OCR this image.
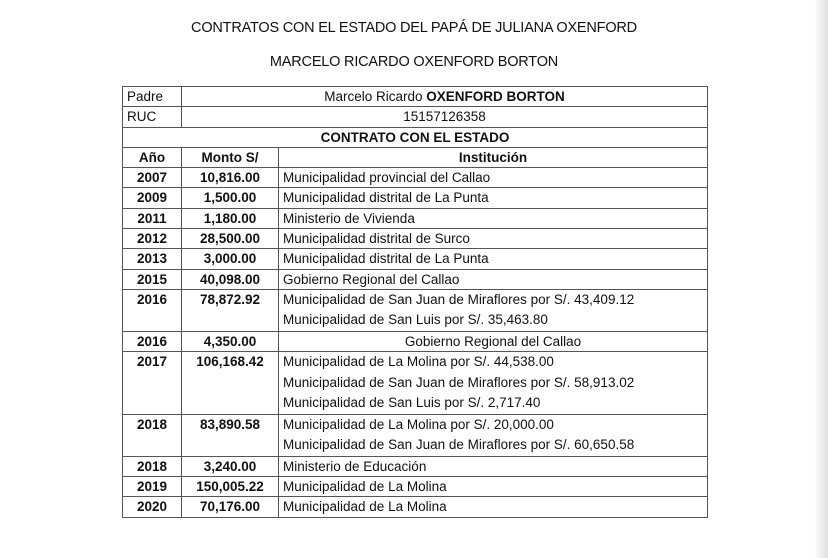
CONTRATOS CON EL ESTADO DEL PAPÁ DE JULIANA OXENFORD
MARCELO RICARDO OXENFORD BORTON
Padre	Marcelo Ricardo OXENFORD BORTON	
RUC	15157126358	
CONTRATO CON EL ESTADO		
Año	Monto S/	Institución
2007	10,816.00	Municipalidad provincial del Callao
2009	1,500.00	Municipalidad distrital de La Punta
2011	1,180.00	Ministerio de Vivienda
2012	28,500.00	Municipalidad distrital de Surco
2013	3,000.00	Municipalidad distrital de La Punta
2015	40,098.00	Gobierno Regional del Callao
2016	78,872.92	Municipalidad de San Juan de Miraflores por S/. 43,409.12
Municipalidad de San Luis por S/. 35,463.80

2016	4,350.00	Gobierno Regional del Callao
2017	106,168.42	Municipalidad de La Molina por S/. 44,538.00
Municipalidad de San Juan de Miraflores por S/. 58,913.02
Municipalidad de San Luis por S/. 2,717.40

2018	83,890.58	Municipalidad de La Molina por S/. 20,000.00
Municipalidad de San Juan de Miraflores por S/. 60,650.58

2018	3,240.00	Ministerio de Educación
2019	150,005.22	Municipalidad de La Molina
2020	70,176.00	Municipalidad de La Molina
